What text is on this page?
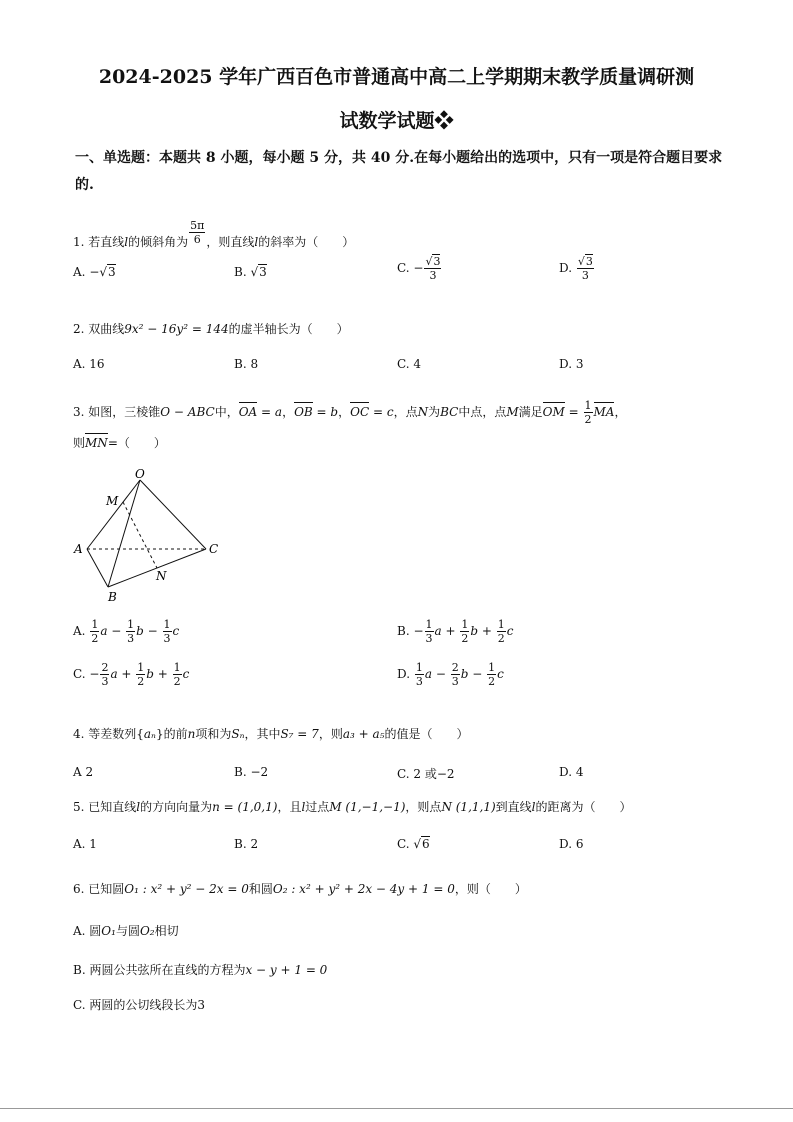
2024-2025 学年广西百色市普通高中高二上学期期末教学质量调研测
试数学试题❖
一、单选题：本题共 8 小题，每小题 5 分，共 40 分.在每小题给出的选项中，只有一项是符合题目要求的.
1. 若直线l的倾斜角为 $\frac{5\pi}{6}$ ，则直线l的斜率为（　　）
A. −√3	B. √3	C. − $\frac{√3}{3}$	D. $\frac{√3}{3}$
2. 双曲线9x² − 16y² = 144的虚半轴长为（　　）
A. 16	B. 8	C. 4	D. 3
3. 如图，三棱锥O − ABC中，OA = a，OB = b，OC = c，点N为BC中点，点M满足OM = $\frac{1}{2}$ MA，
则MN=（　　）
O
M
A	C
N
B
A. $\frac{1}{2}$ $a - \frac{1}{3}$ $b - \frac{1}{3}$ c	B. − $\frac{1}{3}$ $a + \frac{1}{2}$ $b + \frac{1}{2}$ c
C. − $\frac{2}{3}$ $a + \frac{1}{2}$ $b + \frac{1}{2}$ c	D. $\frac{1}{3}$ $a - \frac{2}{3}$ $b - \frac{1}{2}$ c
4. 等差数列{aₙ}的前n项和为Sₙ，其中S₇ = 7，则a₃ + a₅的值是（　　）
A 2	B. −2	C. 2 或−2	D. 4
5. 已知直线l的方向向量为n = (1,0,1)，且l过点M (1,−1,−1)，则点N (1,1,1)到直线l的距离为（　　）
A. 1	B. 2	C. √6	D. 6
6. 已知圆O₁ : x² + y² − 2x = 0和圆O₂ : x² + y² + 2x − 4y + 1 = 0，则（　　）
A. 圆O₁与圆O₂相切
B. 两圆公共弦所在直线的方程为x − y + 1 = 0
C. 两圆的公切线段长为3
